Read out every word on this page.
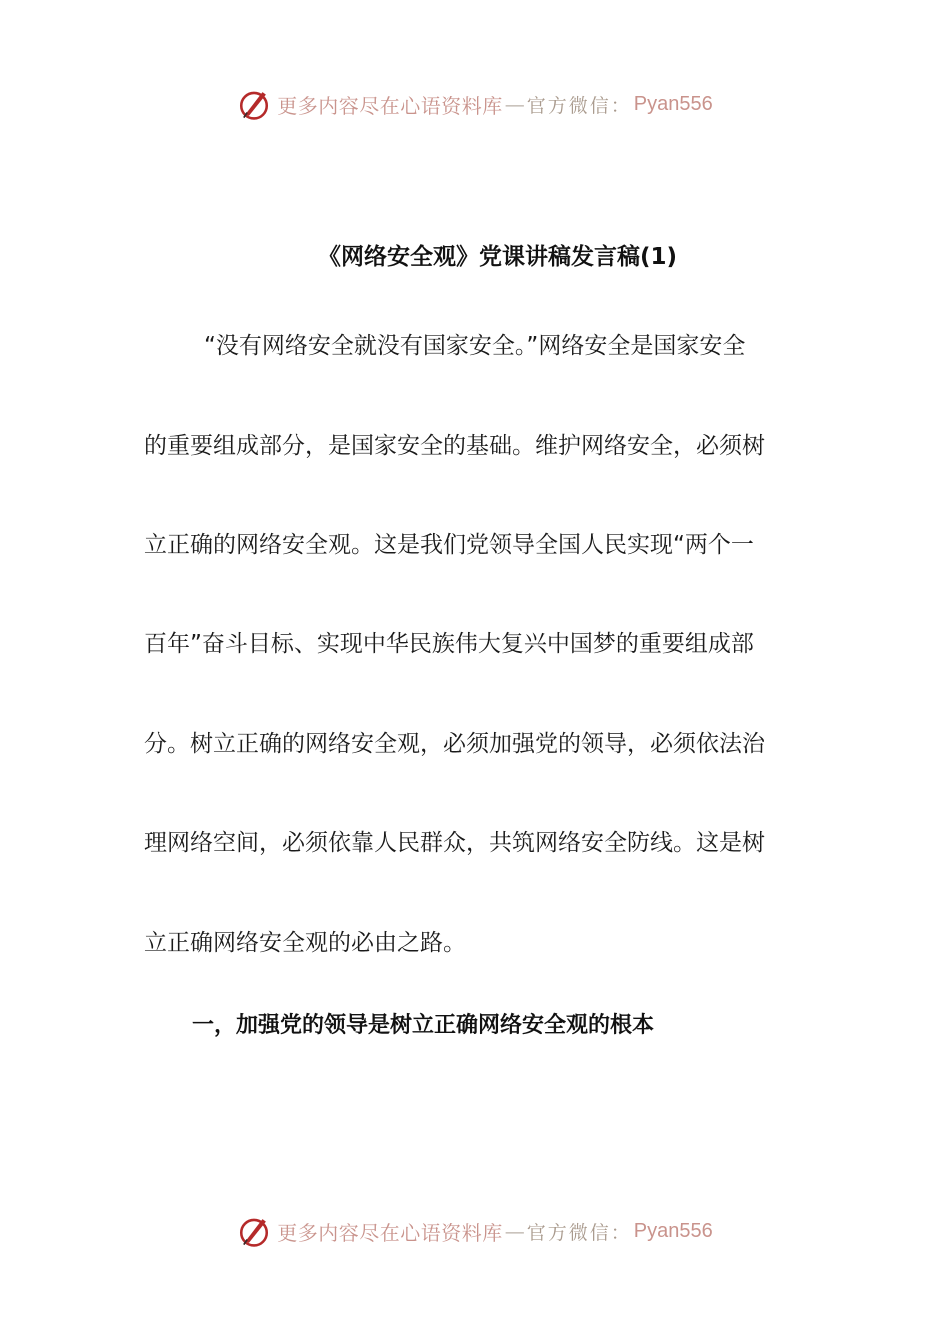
更多内容尽在心语资料库 — 官方微信： Pyan556
《网络安全观》党课讲稿发言稿(1)
“没有网络安全就没有国家安全。”网络安全是国家安全
的重要组成部分，是国家安全的基础。维护网络安全，必须树
立正确的网络安全观。这是我们党领导全国人民实现“两个一
百年”奋斗目标、实现中华民族伟大复兴中国梦的重要组成部
分。树立正确的网络安全观，必须加强党的领导，必须依法治
理网络空间，必须依靠人民群众，共筑网络安全防线。这是树
立正确网络安全观的必由之路。
一，加强党的领导是树立正确网络安全观的根本
更多内容尽在心语资料库 — 官方微信： Pyan556
